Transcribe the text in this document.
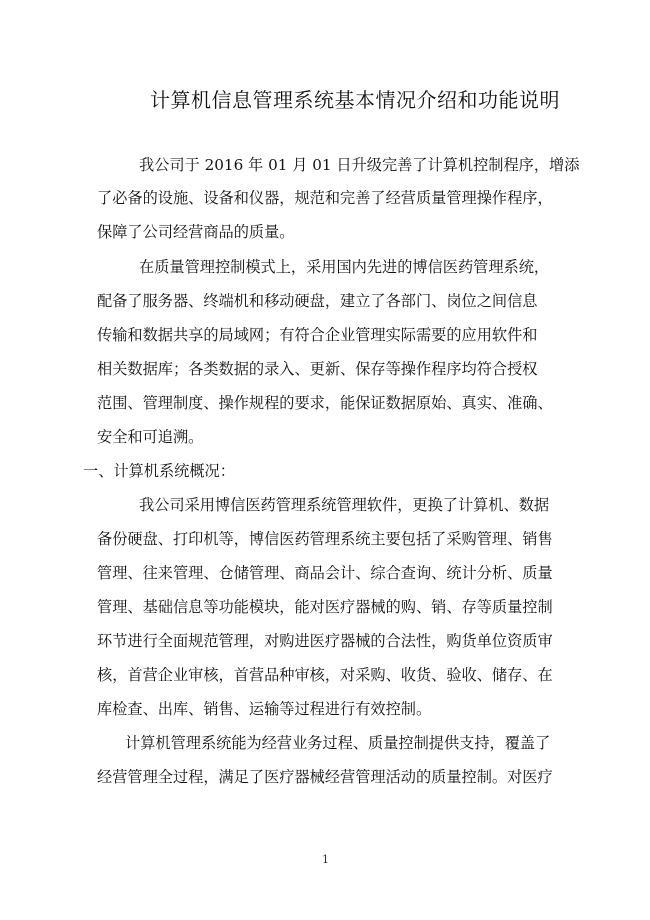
计算机信息管理系统基本情况介绍和功能说明
我公司于 2016 年 01 月 01 日升级完善了计算机控制程序，增添
了必备的设施、设备和仪器，规范和完善了经营质量管理操作程序，
保障了公司经营商品的质量。
在质量管理控制模式上，采用国内先进的博信医药管理系统，
配备了服务器、终端机和移动硬盘，建立了各部门、岗位之间信息
传输和数据共享的局域网；有符合企业管理实际需要的应用软件和
相关数据库；各类数据的录入、更新、保存等操作程序均符合授权
范围、管理制度、操作规程的要求，能保证数据原始、真实、准确、
安全和可追溯。
一、计算机系统概况：
我公司采用博信医药管理系统管理软件，更换了计算机、数据
备份硬盘、打印机等，博信医药管理系统主要包括了采购管理、销售
管理、往来管理、仓储管理、商品会计、综合查询、统计分析、质量
管理、基础信息等功能模块，能对医疗器械的购、销、存等质量控制
环节进行全面规范管理，对购进医疗器械的合法性，购货单位资质审
核，首营企业审核，首营品种审核，对采购、收货、验收、储存、在
库检查、出库、销售、运输等过程进行有效控制。
计算机管理系统能为经营业务过程、质量控制提供支持，覆盖了
经营管理全过程，满足了医疗器械经营管理活动的质量控制。对医疗
1
